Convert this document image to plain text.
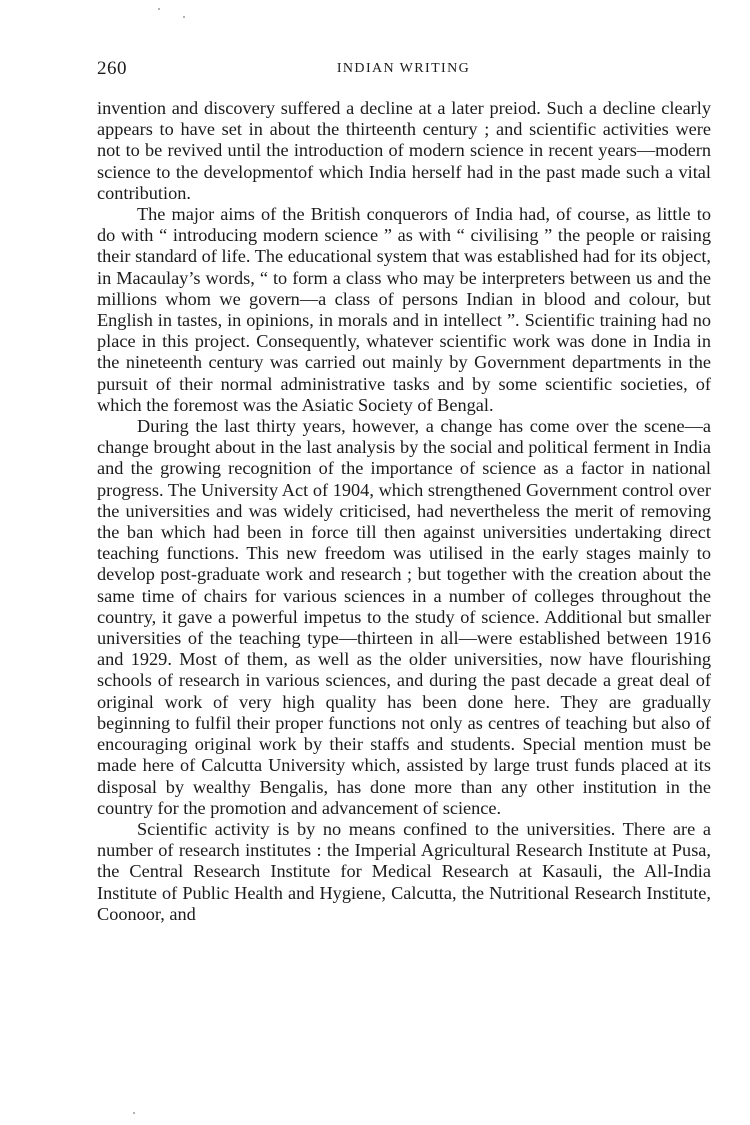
260	INDIAN WRITING

invention and discovery suffered a decline at a later preiod. Such a decline clearly appears to have set in about the thirteenth century ; and scientific activities were not to be revived until the introduction of modern science in recent years—modern science to the developmentof which India herself had in the past made such a vital contribution.

The major aims of the British conquerors of India had, of course, as little to do with “ introducing modern science ” as with “ civilising ” the people or raising their standard of life. The educational system that was established had for its object, in Macaulay’s words, “ to form a class who may be interpreters between us and the millions whom we govern—a class of persons Indian in blood and colour, but English in tastes, in opinions, in morals and in intellect ”. Scientific training had no place in this project. Consequently, whatever scientific work was done in India in the nineteenth century was carried out mainly by Government departments in the pursuit of their normal administrative tasks and by some scientific societies, of which the foremost was the Asiatic Society of Bengal.

During the last thirty years, however, a change has come over the scene—a change brought about in the last analysis by the social and political ferment in India and the growing recognition of the importance of science as a factor in national progress. The University Act of 1904, which strengthened Government control over the universities and was widely criticised, had nevertheless the merit of removing the ban which had been in force till then against universities undertaking direct teaching functions. This new freedom was utilised in the early stages mainly to develop post-graduate work and research ; but together with the creation about the same time of chairs for various sciences in a number of colleges throughout the country, it gave a powerful impetus to the study of science. Additional but smaller universities of the teaching type—thirteen in all—were established between 1916 and 1929. Most of them, as well as the older universities, now have flourishing schools of research in various sciences, and during the past decade a great deal of original work of very high quality has been done here. They are gradually beginning to fulfil their proper functions not only as centres of teaching but also of encouraging original work by their staffs and students. Special mention must be made here of Calcutta University which, assisted by large trust funds placed at its disposal by wealthy Bengalis, has done more than any other institution in the country for the promotion and advancement of science.

Scientific activity is by no means confined to the universities. There are a number of research institutes : the Imperial Agricultural Research Institute at Pusa, the Central Research Institute for Medical Research at Kasauli, the All-India Institute of Public Health and Hygiene, Calcutta, the Nutritional Research Institute, Coonoor, and
